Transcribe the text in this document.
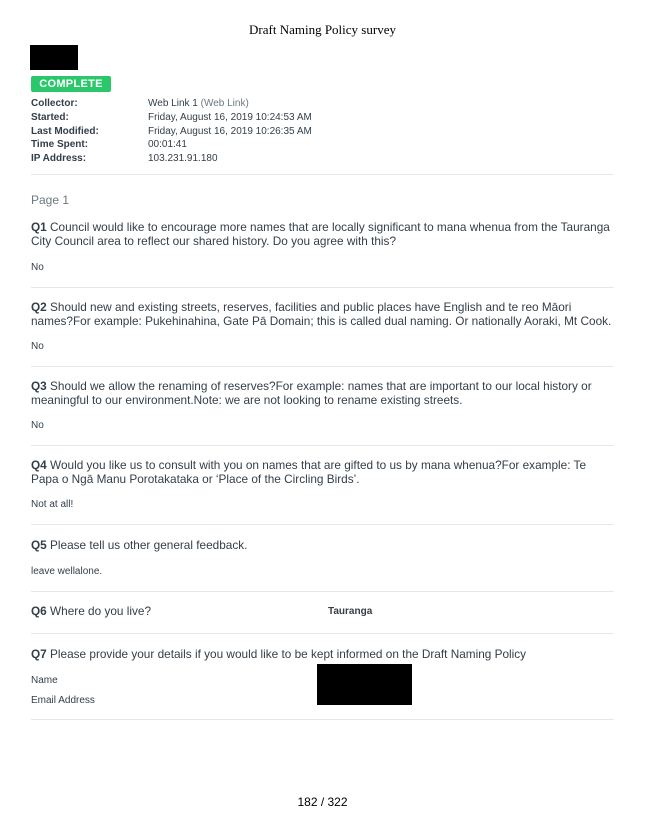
Draft Naming Policy survey
COMPLETE
Collector:	Web Link 1 (Web Link)
Started:	Friday, August 16, 2019 10:24:53 AM
Last Modified:	Friday, August 16, 2019 10:26:35 AM
Time Spent:	00:01:41
IP Address:	103.231.91.180
Page 1
Q1 Council would like to encourage more names that are locally significant to mana whenua from the Tauranga City Council area to reflect our shared history. Do you agree with this?
No
Q2 Should new and existing streets, reserves, facilities and public places have English and te reo Māori names?For example: Pukehinahina, Gate Pā Domain; this is called dual naming. Or nationally Aoraki, Mt Cook.
No
Q3 Should we allow the renaming of reserves?For example: names that are important to our local history or meaningful to our environment.Note: we are not looking to rename existing streets.
No
Q4 Would you like us to consult with you on names that are gifted to us by mana whenua?For example: Te Papa o Ngā Manu Porotakataka or ‘Place of the Circling Birds’.
Not at all!
Q5 Please tell us other general feedback.
leave wellalone.
Q6 Where do you live?	Tauranga
Q7 Please provide your details if you would like to be kept informed on the Draft Naming Policy
Name
Email Address
182 / 322
